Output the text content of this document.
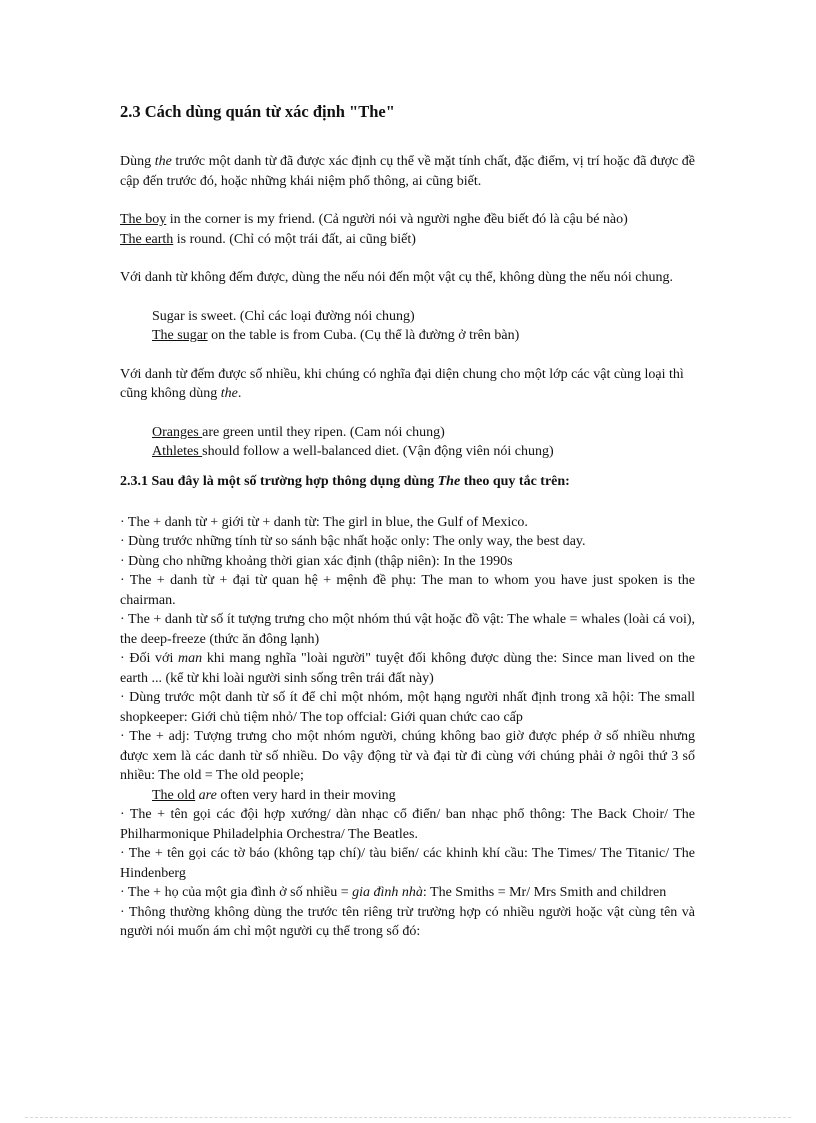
2.3 Cách dùng quán từ xác định "The"

Dùng the trước một danh từ đã được xác định cụ thể về mặt tính chất, đặc điểm, vị trí hoặc đã được đề cập đến trước đó, hoặc những khái niệm phổ thông, ai cũng biết.

The boy in the corner is my friend. (Cả người nói và người nghe đều biết đó là cậu bé nào)

The earth is round. (Chỉ có một trái đất, ai cũng biết)

Với danh từ không đếm được, dùng the nếu nói đến một vật cụ thể, không dùng the nếu nói chung.

Sugar is sweet. (Chỉ các loại đường nói chung)

The sugar on the table is from Cuba. (Cụ thể là đường ở trên bàn)

Với danh từ đếm được số nhiều, khi chúng có nghĩa đại diện chung cho một lớp các vật cùng loại thì cũng không dùng the.

Oranges are green until they ripen. (Cam nói chung)

Athletes should follow a well-balanced diet. (Vận động viên nói chung)

2.3.1 Sau đây là một số trường hợp thông dụng dùng The theo quy tắc trên:

· The + danh từ + giới từ + danh từ: The girl in blue, the Gulf of Mexico.

· Dùng trước những tính từ so sánh bậc nhất hoặc only: The only way, the best day.

· Dùng cho những khoảng thời gian xác định (thập niên): In the 1990s

· The + danh từ + đại từ quan hệ + mệnh đề phụ: The man to whom you have just spoken is the chairman.

· The + danh từ số ít tượng trưng cho một nhóm thú vật hoặc đồ vật: The whale = whales (loài cá voi), the deep-freeze (thức ăn đông lạnh)

· Đối với man khi mang nghĩa "loài người" tuyệt đối không được dùng the: Since man lived on the earth ... (kể từ khi loài người sinh sống trên trái đất này)

· Dùng trước một danh từ số ít để chỉ một nhóm, một hạng người nhất định trong xã hội: The small shopkeeper: Giới chủ tiệm nhỏ/ The top offcial: Giới quan chức cao cấp

· The + adj: Tượng trưng cho một nhóm người, chúng không bao giờ được phép ở số nhiều nhưng được xem là các danh từ số nhiều. Do vậy động từ và đại từ đi cùng với chúng phải ở ngôi thứ 3 số nhiều: The old = The old people;

The old are often very hard in their moving

· The + tên gọi các đội hợp xướng/ dàn nhạc cổ điển/ ban nhạc phổ thông: The Back Choir/ The Philharmonique Philadelphia Orchestra/ The Beatles.

· The + tên gọi các tờ báo (không tạp chí)/ tàu biển/ các khinh khí cầu: The Times/ The Titanic/ The Hindenberg

· The + họ của một gia đình ở số nhiều = gia đình nhà: The Smiths = Mr/ Mrs Smith and children

· Thông thường không dùng the trước tên riêng trừ trường hợp có nhiều người hoặc vật cùng tên và người nói muốn ám chỉ một người cụ thể trong số đó:
